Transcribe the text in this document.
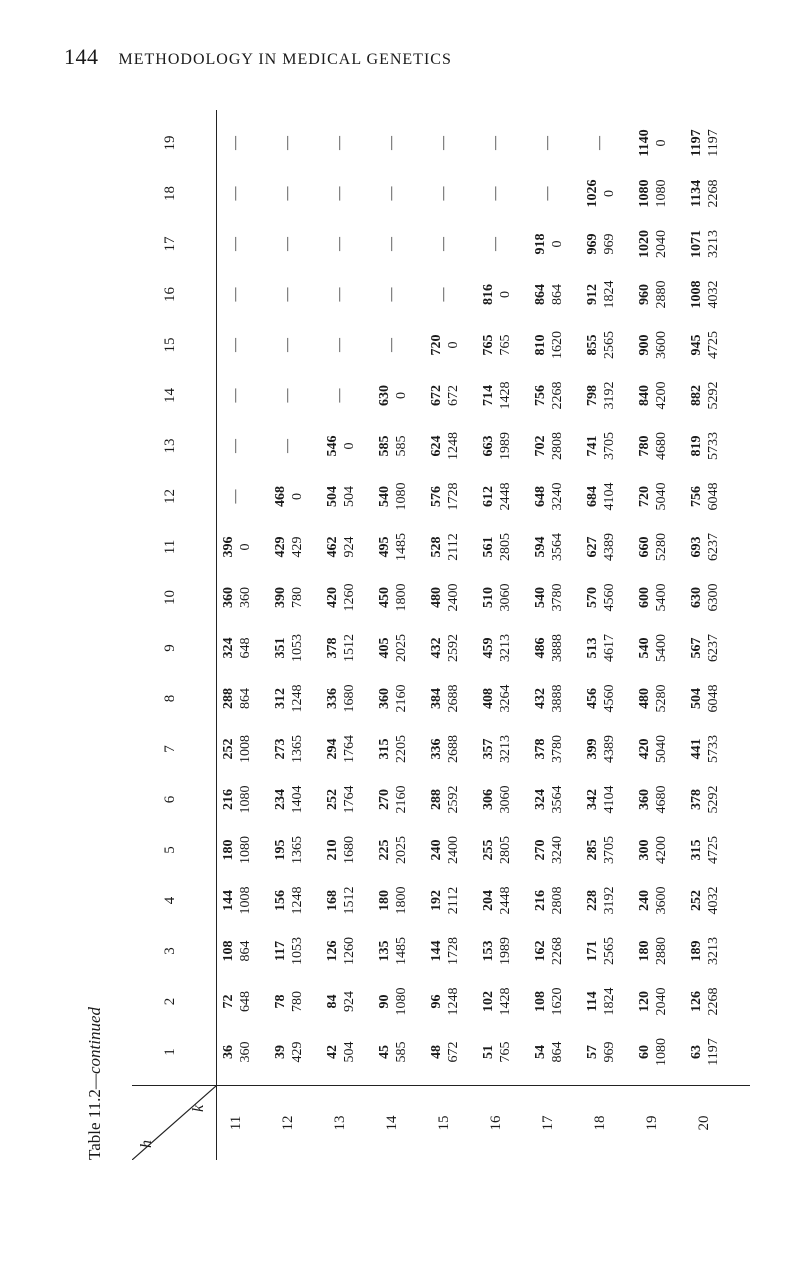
144 METHODOLOGY IN MEDICAL GENETICS
Table 11.2—continued
h
k
1
2
3
4
5
6
7
8
9
10
11
12
13
14
15
16
17
18
19
11
36 360
72 648
108 864
144 1008
180 1080
216 1080
252 1008
288 864
324 648
360 360
396 0
—
—
—
—
—
—
—
—
12
39 429
78 780
117 1053
156 1248
195 1365
234 1404
273 1365
312 1248
351 1053
390 780
429 429
468 0
—
—
—
—
—
—
—
13
42 504
84 924
126 1260
168 1512
210 1680
252 1764
294 1764
336 1680
378 1512
420 1260
462 924
504 504
546 0
—
—
—
—
—
—
14
45 585
90 1080
135 1485
180 1800
225 2025
270 2160
315 2205
360 2160
405 2025
450 1800
495 1485
540 1080
585 585
630 0
—
—
—
—
—
15
48 672
96 1248
144 1728
192 2112
240 2400
288 2592
336 2688
384 2688
432 2592
480 2400
528 2112
576 1728
624 1248
672 672
720 0
—
—
—
—
16
51 765
102 1428
153 1989
204 2448
255 2805
306 3060
357 3213
408 3264
459 3213
510 3060
561 2805
612 2448
663 1989
714 1428
765 765
816 0
—
—
—
17
54 864
108 1620
162 2268
216 2808
270 3240
324 3564
378 3780
432 3888
486 3888
540 3780
594 3564
648 3240
702 2808
756 2268
810 1620
864 864
918 0
—
—
18
57 969
114 1824
171 2565
228 3192
285 3705
342 4104
399 4389
456 4560
513 4617
570 4560
627 4389
684 4104
741 3705
798 3192
855 2565
912 1824
969 969
1026 0
—
19
60 1080
120 2040
180 2880
240 3600
300 4200
360 4680
420 5040
480 5280
540 5400
600 5400
660 5280
720 5040
780 4680
840 4200
900 3600
960 2880
1020 2040
1080 1080
1140 0
20
63 1197
126 2268
189 3213
252 4032
315 4725
378 5292
441 5733
504 6048
567 6237
630 6300
693 6237
756 6048
819 5733
882 5292
945 4725
1008 4032
1071 3213
1134 2268
1197 1197
